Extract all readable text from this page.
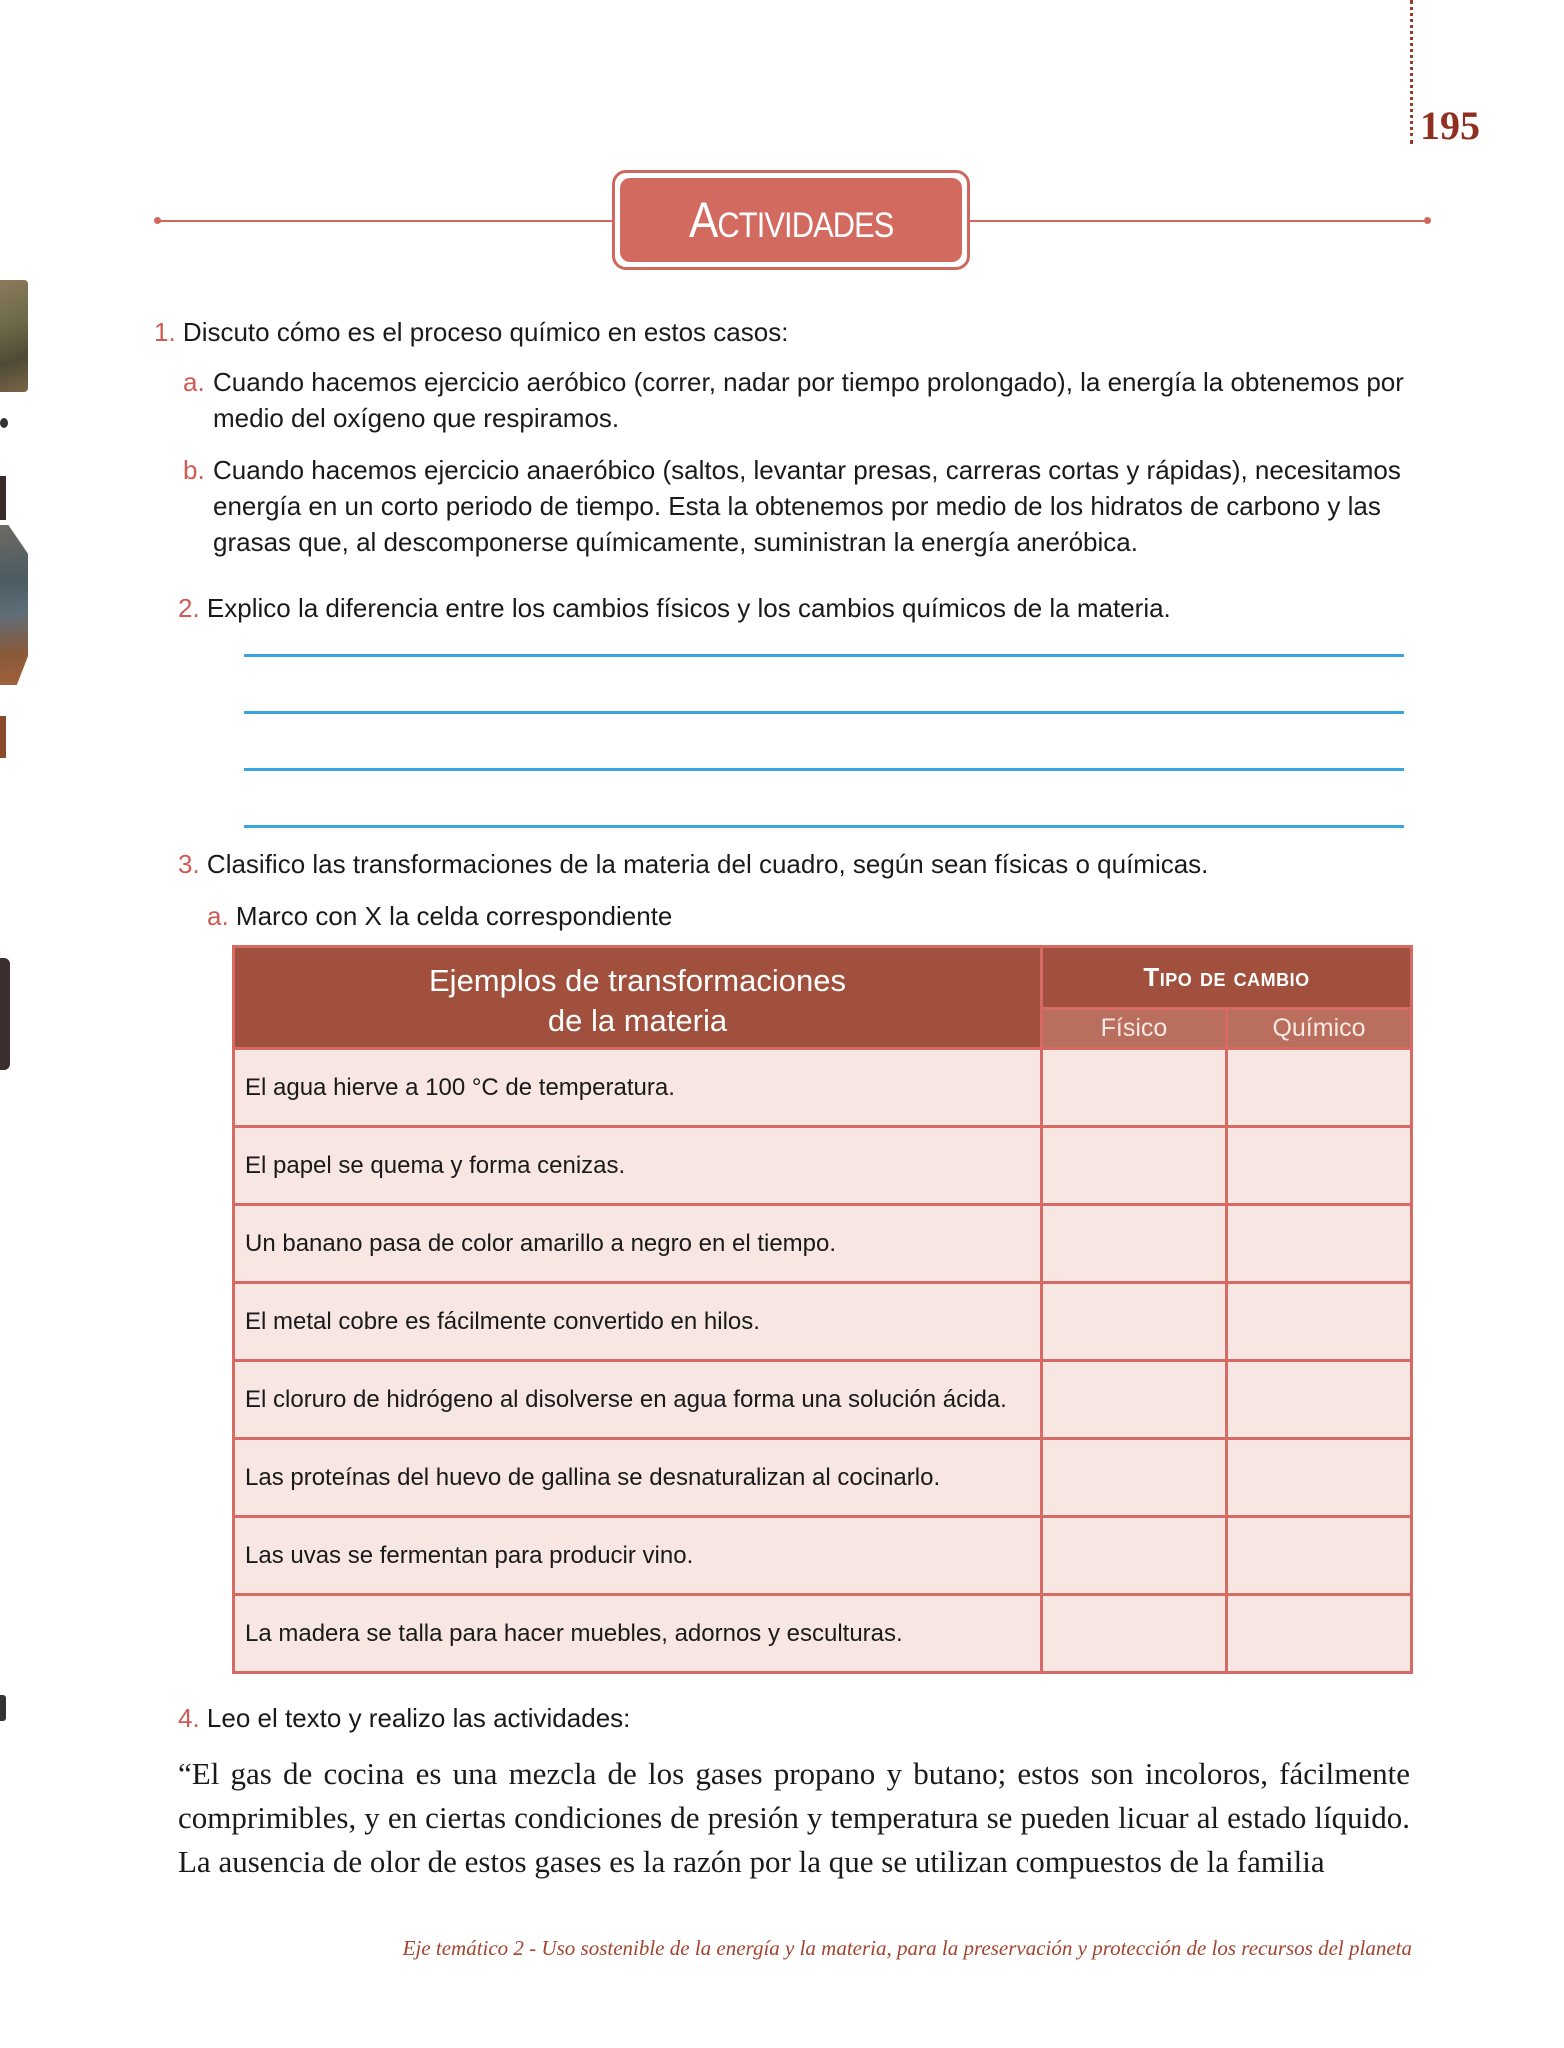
195
Actividades
1. Discuto cómo es el proceso químico en estos casos:
a. Cuando hacemos ejercicio aeróbico (correr, nadar por tiempo prolongado), la energía la obtenemos por medio del oxígeno que respiramos.
b. Cuando hacemos ejercicio anaeróbico (saltos, levantar presas, carreras cortas y rápidas), necesitamos energía en un corto periodo de tiempo. Esta la obtenemos por medio de los hidratos de carbono y las grasas que, al descomponerse químicamente, suministran la energía anerόbica.
2. Explico la diferencia entre los cambios físicos y los cambios químicos de la materia.
3. Clasifico las transformaciones de la materia del cuadro, según sean físicas o químicas.
a. Marco con X la celda correspondiente
Ejemplos de transformaciones de la materia	Tipo de cambio	
	Físico	Químico
El agua hierve a 100 °C de temperatura.		
El papel se quema y forma cenizas.		
Un banano pasa de color amarillo a negro en el tiempo.		
El metal cobre es fácilmente convertido en hilos.		
El cloruro de hidrógeno al disolverse en agua forma una solución ácida.		
Las proteínas del huevo de gallina se desnaturalizan al cocinarlo.		
Las uvas se fermentan para producir vino.		
La madera se talla para hacer muebles, adornos y esculturas.		
4. Leo el texto y realizo las actividades:
“El gas de cocina es una mezcla de los gases propano y butano; estos son incoloros, fácilmente comprimibles, y en ciertas condiciones de presión y temperatura se pueden licuar al estado líquido. La ausencia de olor de estos gases es la razón por la que se utilizan compuestos de la familia
Eje temático 2 - Uso sostenible de la energía y la materia, para la preservación y protección de los recursos del planeta
